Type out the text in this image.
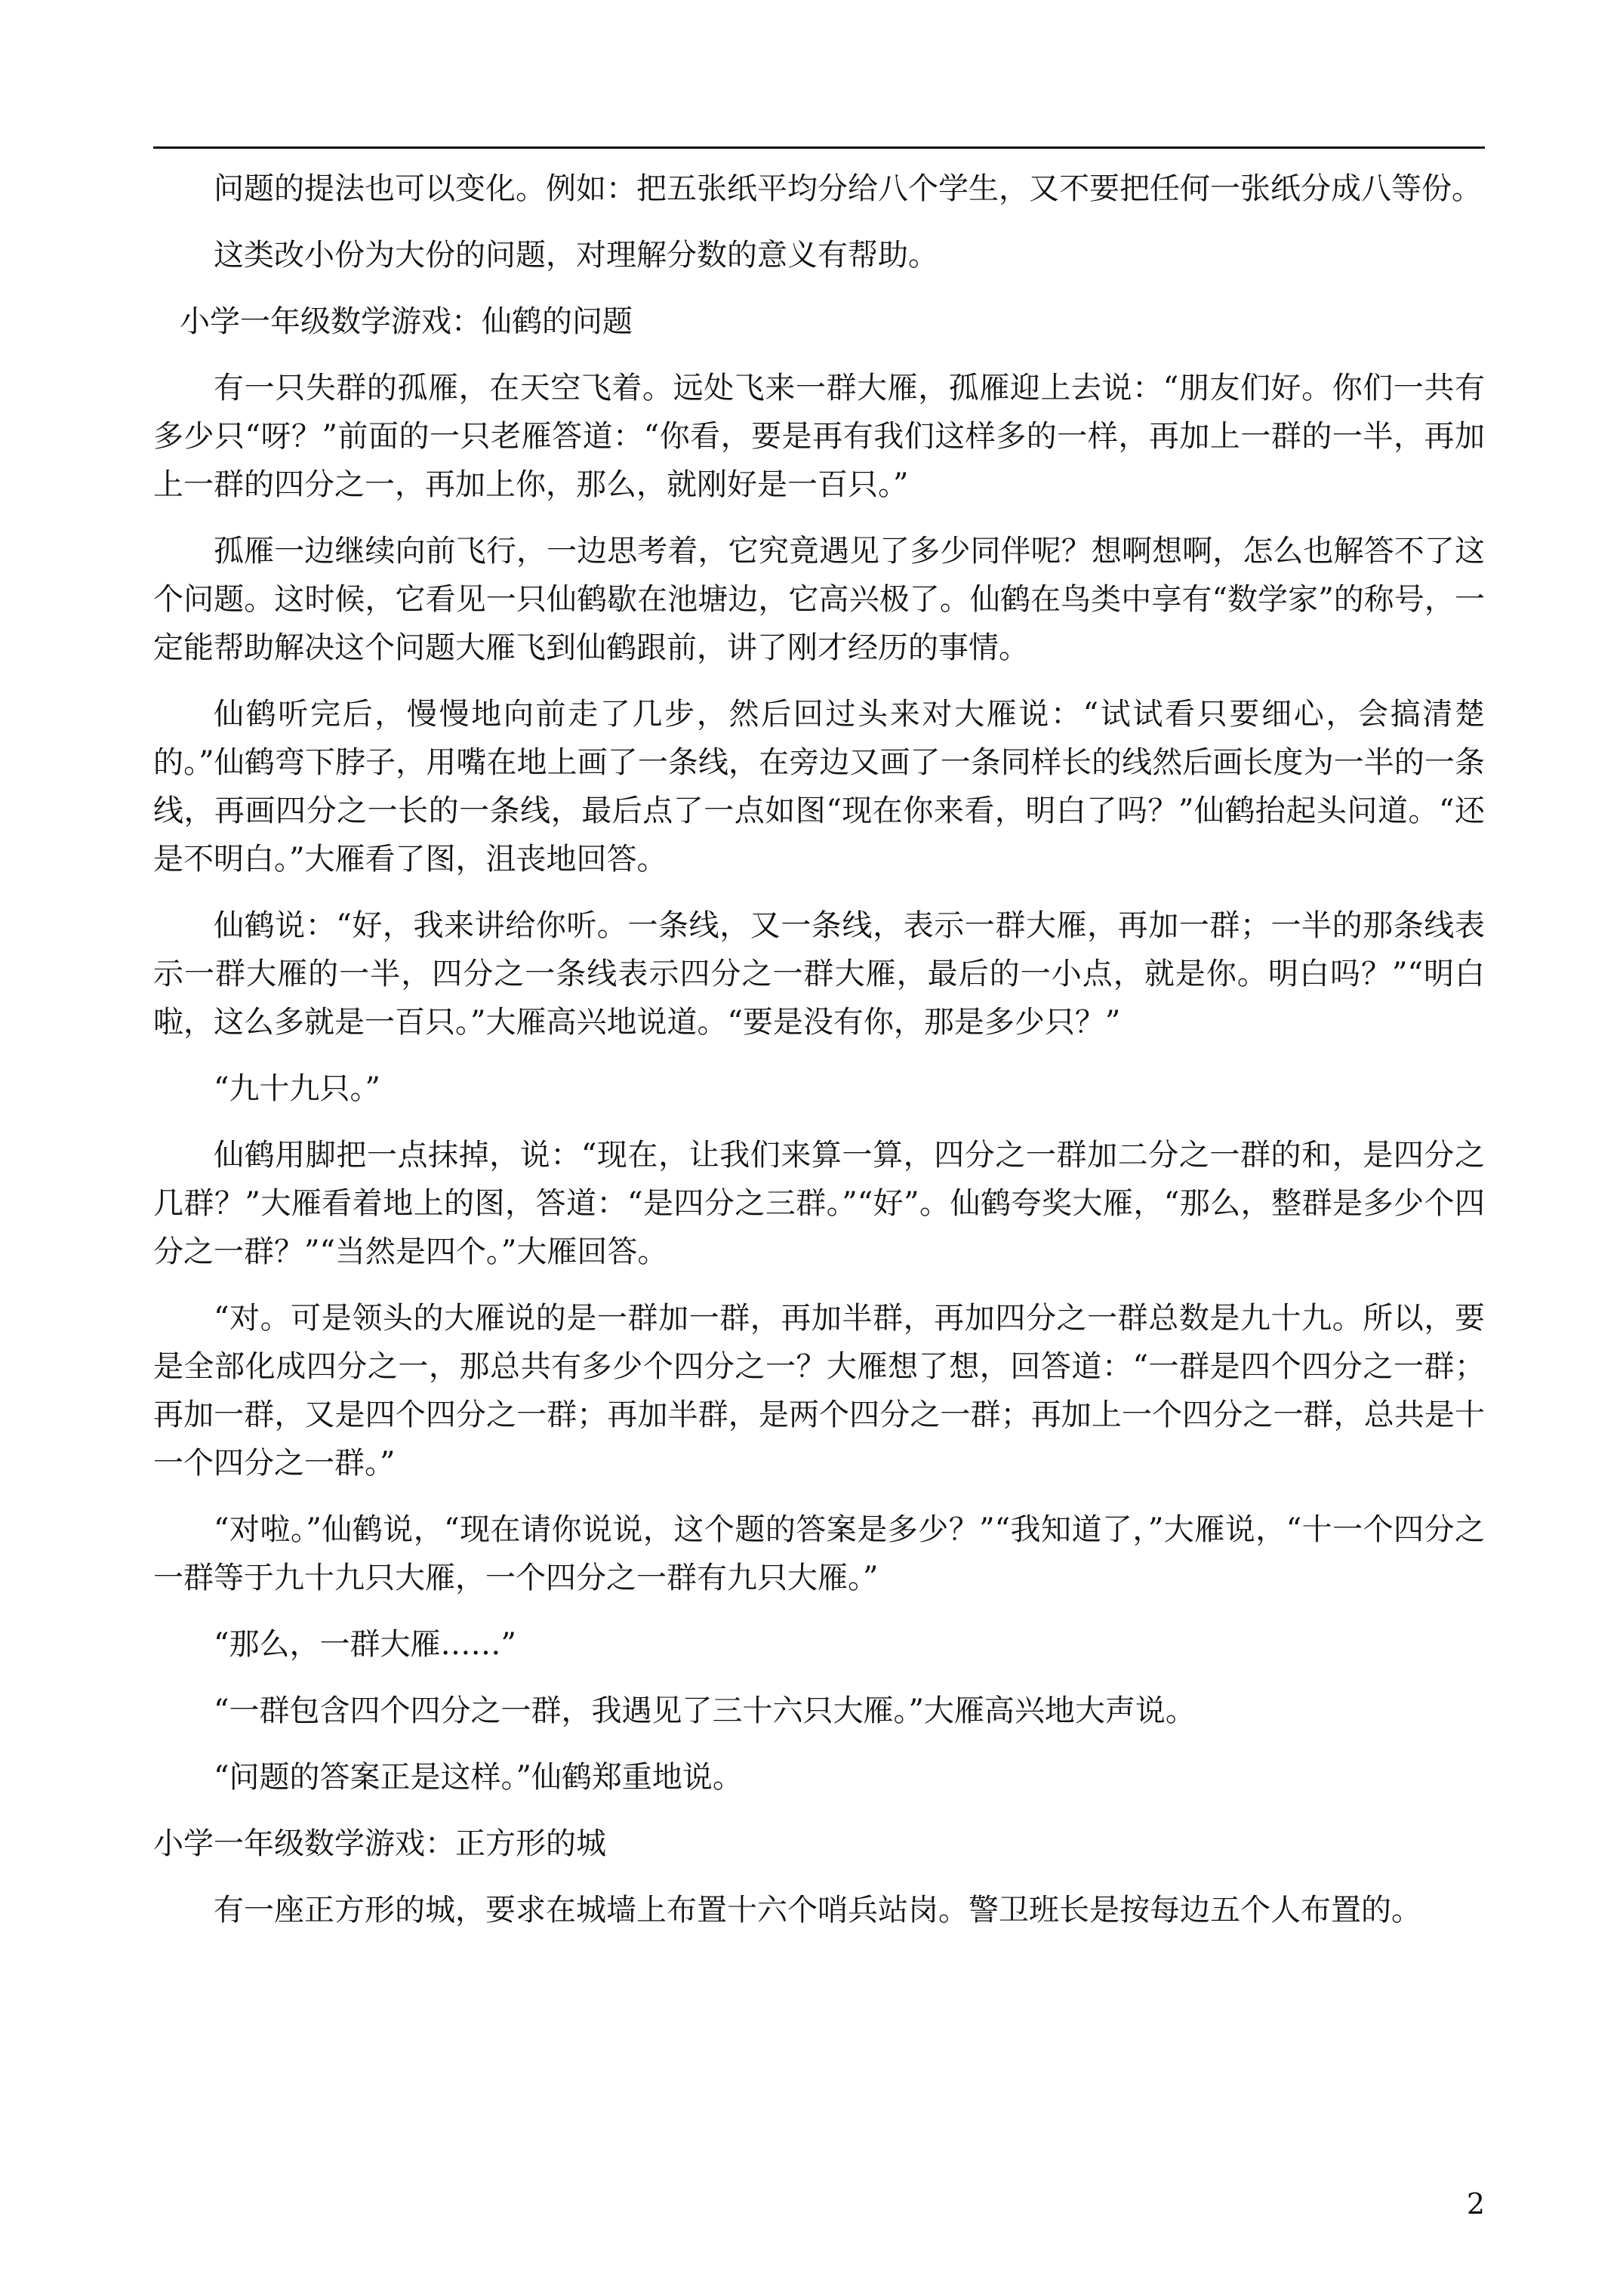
问题的提法也可以变化。例如：把五张纸平均分给八个学生，又不要把任何一张纸分成八等份。

这类改小份为大份的问题，对理解分数的意义有帮助。

小学一年级数学游戏：仙鹤的问题

有一只失群的孤雁，在天空飞着。远处飞来一群大雁，孤雁迎上去说：“朋友们好。你们一共有多少只“呀？”前面的一只老雁答道：“你看，要是再有我们这样多的一样，再加上一群的一半，再加上一群的四分之一，再加上你，那么，就刚好是一百只。”

孤雁一边继续向前飞行，一边思考着，它究竟遇见了多少同伴呢？想啊想啊，怎么也解答不了这个问题。这时候，它看见一只仙鹤歇在池塘边，它高兴极了。仙鹤在鸟类中享有“数学家”的称号，一定能帮助解决这个问题大雁飞到仙鹤跟前，讲了刚才经历的事情。

仙鹤听完后，慢慢地向前走了几步，然后回过头来对大雁说：“试试看只要细心，会搞清楚的。”仙鹤弯下脖子，用嘴在地上画了一条线，在旁边又画了一条同样长的线然后画长度为一半的一条线，再画四分之一长的一条线，最后点了一点如图“现在你来看，明白了吗？”仙鹤抬起头问道。“还是不明白。”大雁看了图，沮丧地回答。

仙鹤说：“好，我来讲给你听。一条线，又一条线，表示一群大雁，再加一群；一半的那条线表示一群大雁的一半，四分之一条线表示四分之一群大雁，最后的一小点，就是你。明白吗？”“明白啦，这么多就是一百只。”大雁高兴地说道。“要是没有你，那是多少只？”

“九十九只。”

仙鹤用脚把一点抹掉，说：“现在，让我们来算一算，四分之一群加二分之一群的和，是四分之几群？”大雁看着地上的图，答道：“是四分之三群。”“好”。仙鹤夸奖大雁，“那么，整群是多少个四分之一群？”“当然是四个。”大雁回答。

“对。可是领头的大雁说的是一群加一群，再加半群，再加四分之一群总数是九十九。所以，要是全部化成四分之一，那总共有多少个四分之一？大雁想了想，回答道：“一群是四个四分之一群；再加一群，又是四个四分之一群；再加半群，是两个四分之一群；再加上一个四分之一群，总共是十一个四分之一群。”

“对啦。”仙鹤说，“现在请你说说，这个题的答案是多少？”“我知道了，”大雁说，“十一个四分之一群等于九十九只大雁，一个四分之一群有九只大雁。”

“那么，一群大雁……”

“一群包含四个四分之一群，我遇见了三十六只大雁。”大雁高兴地大声说。

“问题的答案正是这样。”仙鹤郑重地说。

小学一年级数学游戏：正方形的城

有一座正方形的城，要求在城墙上布置十六个哨兵站岗。警卫班长是按每边五个人布置的。

2
